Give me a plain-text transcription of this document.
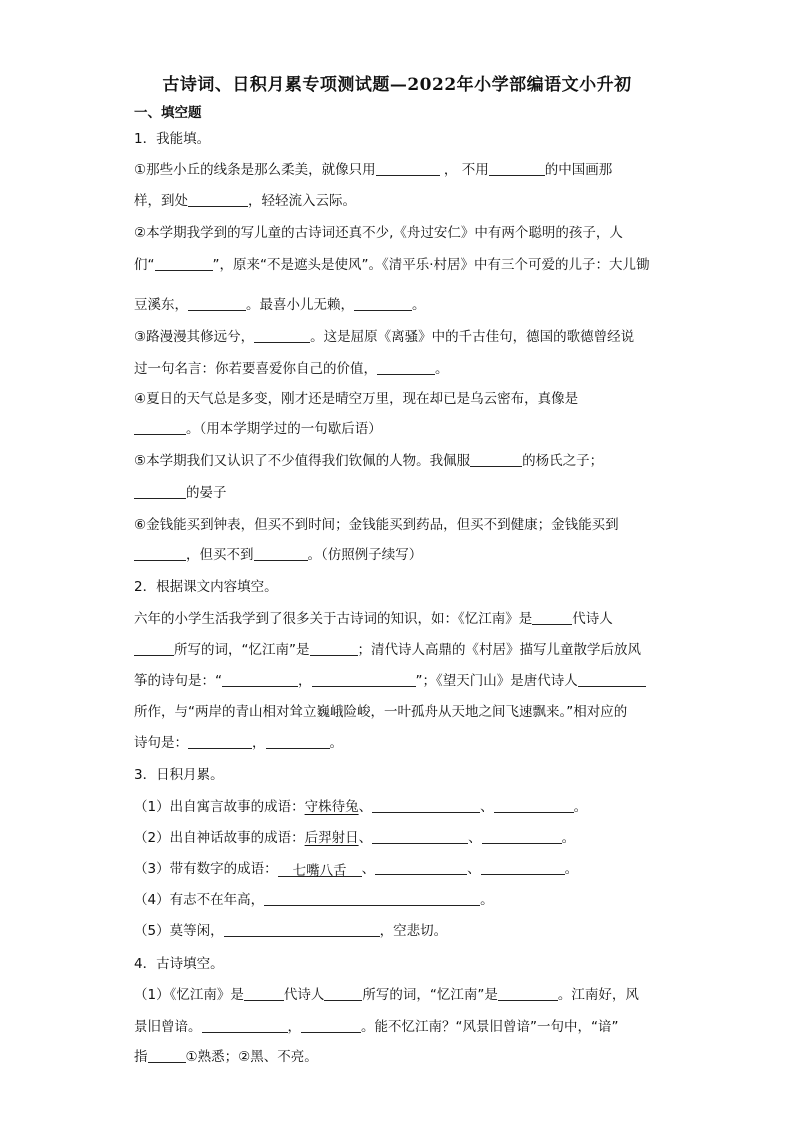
古诗词、日积月累专项测试题—2022年小学部编语文小升初
一、填空题
1．我能填。
①那些小丘的线条是那么柔美，就像只用	， 不用	的中国画那
样，到处	，轻轻流入云际。
②本学期我学到的写儿童的古诗词还真不少,《舟过安仁》中有两个聪明的孩子，人
们“	”，原来“不是遮头是使风”。《清平乐·村居》中有三个可爱的儿子：大儿锄
豆溪东，	。最喜小儿无赖，	。
③路漫漫其修远兮，	。这是屈原《离骚》中的千古佳句，德国的歌德曾经说
过一句名言：你若要喜爱你自己的价值，	。
④夏日的天气总是多变，刚才还是晴空万里，现在却已是乌云密布，真像是
。（用本学期学过的一句歇后语）
⑤本学期我们又认识了不少值得我们钦佩的人物。我佩服	的杨氏之子；
的晏子
⑥金钱能买到钟表，但买不到时间；金钱能买到药品，但买不到健康；金钱能买到
，但买不到	。（仿照例子续写）
2．根据课文内容填空。
六年的小学生活我学到了很多关于古诗词的知识，如：《忆江南》是	代诗人
所写的词，“忆江南”是	；清代诗人高鼎的《村居》描写儿童散学后放风
筝的诗句是：“	，	”；《望天门山》是唐代诗人
所作，与“两岸的青山相对耸立巍峨险峻，一叶孤舟从天地之间飞速飘来。”相对应的
诗句是：	，	。
3．日积月累。
（1）出自寓言故事的成语：守株待兔、	、	。
（2）出自神话故事的成语：后羿射日、	、	。
（3）带有数字的成语： 七嘴八舌 、	、	。
（4）有志不在年高，	。
（5）莫等闲，	，空悲切。
4．古诗填空。
（1）《忆江南》是	代诗人	所写的词，“忆江南”是	。江南好，风
景旧曾谙。	，	。能不忆江南？“风景旧曾谙”一句中，“谙”
指	①熟悉；②黑、不亮。
